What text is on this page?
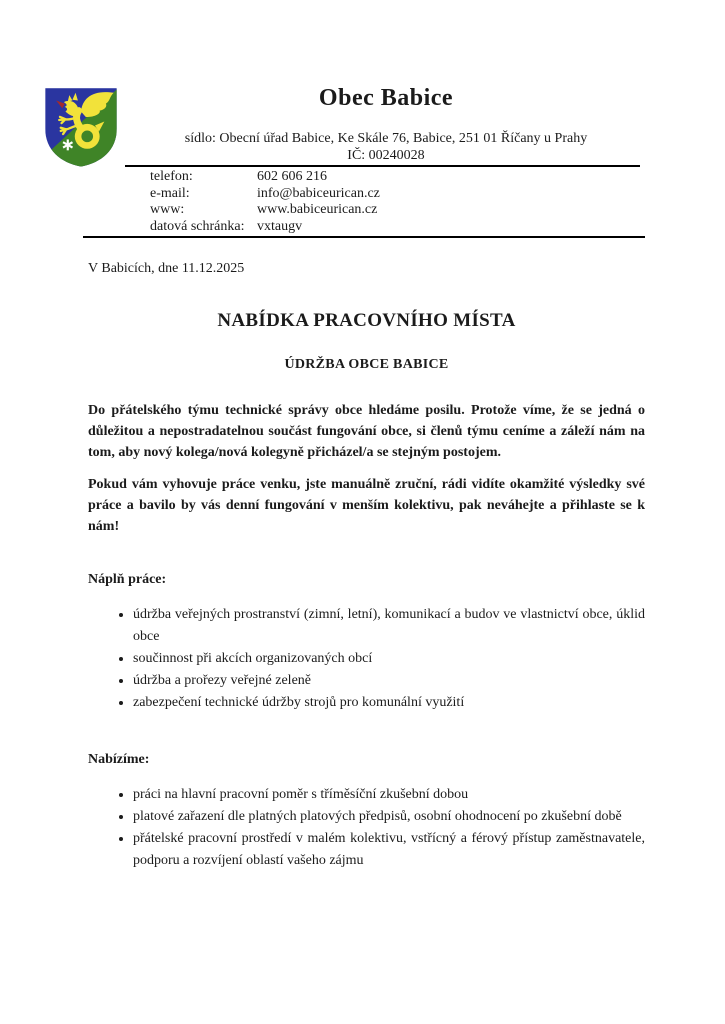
Obec Babice
sídlo: Obecní úřad Babice, Ke Skále 76, Babice, 251 01 Říčany u Prahy
IČ: 00240028
telefon:	602 606 216
e-mail:	info@babiceurican.cz
www:	www.babiceurican.cz
datová schránka: vxtaugv
V Babicích, dne 11.12.2025
NABÍDKA PRACOVNÍHO MÍSTA
ÚDRŽBA OBCE BABICE

Do přátelského týmu technické správy obce hledáme posilu. Protože víme, že se jedná o důležitou a nepostradatelnou součást fungování obce, si členů týmu ceníme a záleží nám na tom, aby nový kolega/nová kolegyně přicházel/a se stejným postojem.

Pokud vám vyhovuje práce venku, jste manuálně zruční, rádi vidíte okamžité výsledky své práce a bavilo by vás denní fungování v menším kolektivu, pak neváhejte a přihlaste se k nám!

Náplň práce:
• údržba veřejných prostranství (zimní, letní), komunikací a budov ve vlastnictví obce, úklid obce
• součinnost při akcích organizovaných obcí
• údržba a prořezy veřejné zeleně
• zabezpečení technické údržby strojů pro komunální využití
Nabízíme:
• práci na hlavní pracovní poměr s tříměsíční zkušební dobou
• platové zařazení dle platných platových předpisů, osobní ohodnocení po zkušební době
• přátelské pracovní prostředí v malém kolektivu, vstřícný a férový přístup zaměstnavatele, podporu a rozvíjení oblastí vašeho zájmu
